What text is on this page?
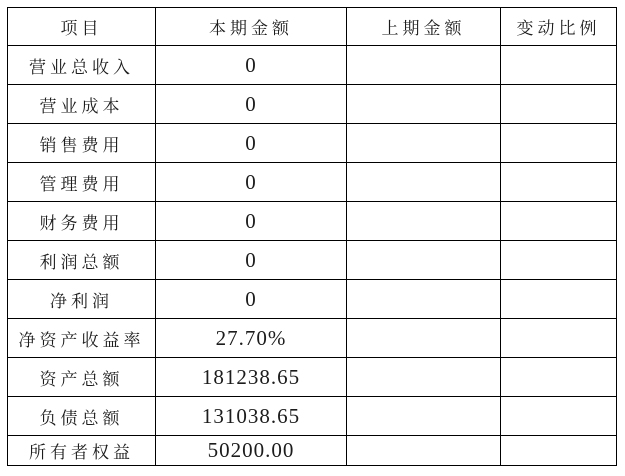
项目	本期金额	上期金额	变动比例
营业总收入	0		
营业成本	0		
销售费用	0		
管理费用	0		
财务费用	0		
利润总额	0		
净利润	0		
净资产收益率	27.70%		
资产总额	181238.65		
负债总额	131038.65		
所有者权益	50200.00		
